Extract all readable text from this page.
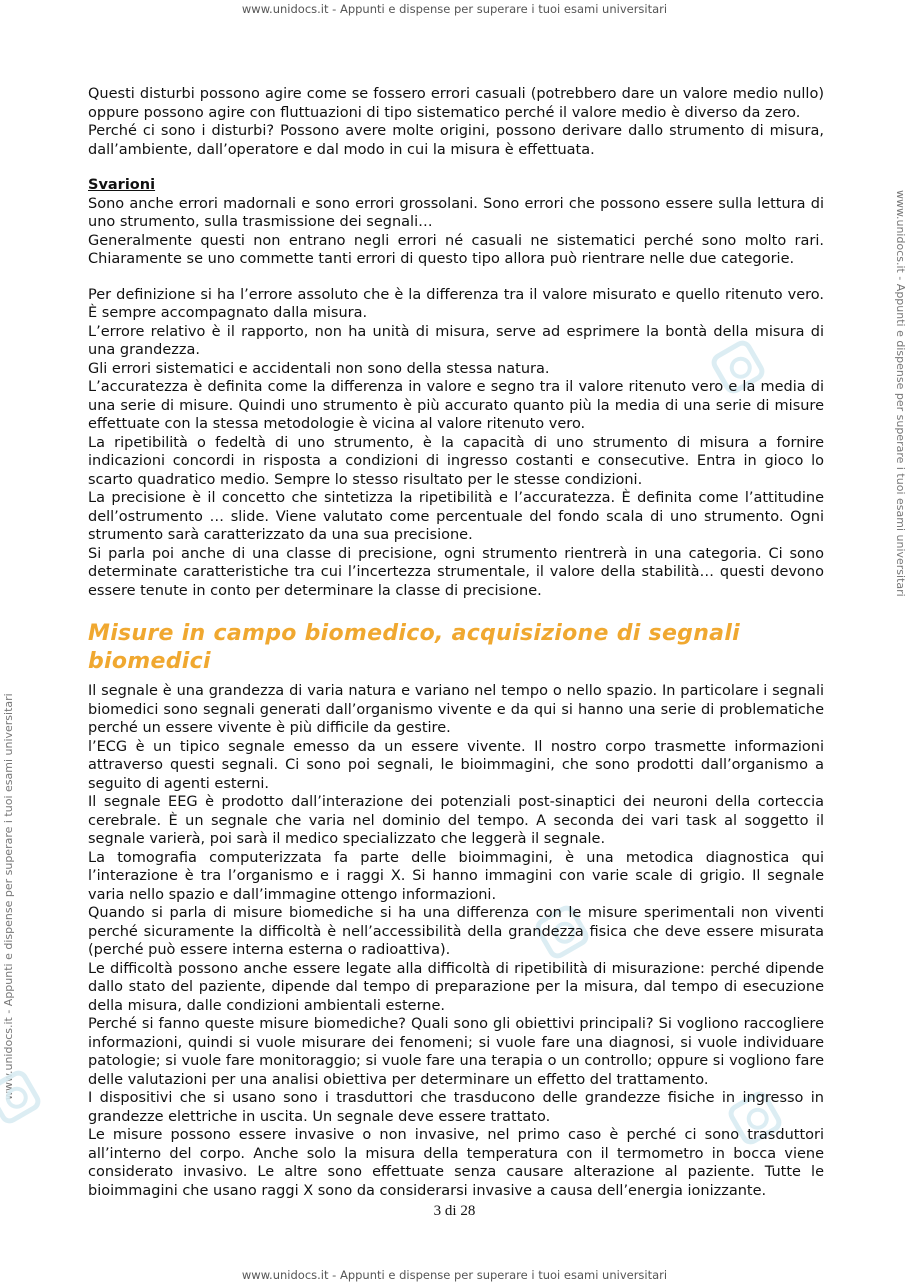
www.unidocs.it - Appunti e dispense per superare i tuoi esami universitari
www.unidocs.it - Appunti e dispense per superare i tuoi esami universitari
www.unidocs.it - Appunti e dispense per superare i tuoi esami universitari

Questi disturbi possono agire come se fossero errori casuali (potrebbero dare un valore medio nullo) oppure possono agire con fluttuazioni di tipo sistematico perché il valore medio è diverso da zero.

Perché ci sono i disturbi? Possono avere molte origini, possono derivare dallo strumento di misura, dall’ambiente, dall’operatore e dal modo in cui la misura è effettuata.

Svarioni

Sono anche errori madornali e sono errori grossolani. Sono errori che possono essere sulla lettura di uno strumento, sulla trasmissione dei segnali…

Generalmente questi non entrano negli errori né casuali ne sistematici perché sono molto rari. Chiaramente se uno commette tanti errori di questo tipo allora può rientrare nelle due categorie.

Per definizione si ha l’errore assoluto che è la differenza tra il valore misurato e quello ritenuto vero. È sempre accompagnato dalla misura.

L’errore relativo è il rapporto, non ha unità di misura, serve ad esprimere la bontà della misura di una grandezza.

Gli errori sistematici e accidentali non sono della stessa natura.

L’accuratezza è definita come la differenza in valore e segno tra il valore ritenuto vero e la media di una serie di misure. Quindi uno strumento è più accurato quanto più la media di una serie di misure effettuate con la stessa metodologie è vicina al valore ritenuto vero.

La ripetibilità o fedeltà di uno strumento, è la capacità di uno strumento di misura a fornire indicazioni concordi in risposta a condizioni di ingresso costanti e consecutive. Entra in gioco lo scarto quadratico medio. Sempre lo stesso risultato per le stesse condizioni.

La precisione è il concetto che sintetizza la ripetibilità e l’accuratezza. È definita come l’attitudine dell’ostrumento … slide. Viene valutato come percentuale del fondo scala di uno strumento. Ogni strumento sarà caratterizzato da una sua precisione.

Si parla poi anche di una classe di precisione, ogni strumento rientrerà in una categoria. Ci sono determinate caratteristiche tra cui l’incertezza strumentale, il valore della stabilità… questi devono essere tenute in conto per determinare la classe di precisione.

Misure in campo biomedico, acquisizione di segnali biomedici

Il segnale è una grandezza di varia natura e variano nel tempo o nello spazio. In particolare i segnali biomedici sono segnali generati dall’organismo vivente e da qui si hanno una serie di problematiche perché un essere vivente è più difficile da gestire.

l’ECG è un tipico segnale emesso da un essere vivente. Il nostro corpo trasmette informazioni attraverso questi segnali. Ci sono poi segnali, le bioimmagini, che sono prodotti dall’organismo a seguito di agenti esterni.

Il segnale EEG è prodotto dall’interazione dei potenziali post-sinaptici dei neuroni della corteccia cerebrale. È un segnale che varia nel dominio del tempo. A seconda dei vari task al soggetto il segnale varierà, poi sarà il medico specializzato che leggerà il segnale.

La tomografia computerizzata fa parte delle bioimmagini, è una metodica diagnostica qui l’interazione è tra l’organismo e i raggi X. Si hanno immagini con varie scale di grigio. Il segnale varia nello spazio e dall’immagine ottengo informazioni.

Quando si parla di misure biomediche si ha una differenza con le misure sperimentali non viventi perché sicuramente la difficoltà è nell’accessibilità della grandezza fisica che deve essere misurata (perché può essere interna esterna o radioattiva).

Le difficoltà possono anche essere legate alla difficoltà di ripetibilità di misurazione: perché dipende dallo stato del paziente, dipende dal tempo di preparazione per la misura, dal tempo di esecuzione della misura, dalle condizioni ambientali esterne.

Perché si fanno queste misure biomediche? Quali sono gli obiettivi principali? Si vogliono raccogliere informazioni, quindi si vuole misurare dei fenomeni; si vuole fare una diagnosi, si vuole individuare patologie; si vuole fare monitoraggio; si vuole fare una terapia o un controllo; oppure si vogliono fare delle valutazioni per una analisi obiettiva per determinare un effetto del trattamento.

I dispositivi che si usano sono i trasduttori che trasducono delle grandezze fisiche in ingresso in grandezze elettriche in uscita. Un segnale deve essere trattato.

Le misure possono essere invasive o non invasive, nel primo caso è perché ci sono trasduttori all’interno del corpo. Anche solo la misura della temperatura con il termometro in bocca viene considerato invasivo. Le altre sono effettuate senza causare alterazione al paziente. Tutte le bioimmagini che usano raggi X sono da considerarsi invasive a causa dell’energia ionizzante.

3 di 28
www.unidocs.it - Appunti e dispense per superare i tuoi esami universitari
